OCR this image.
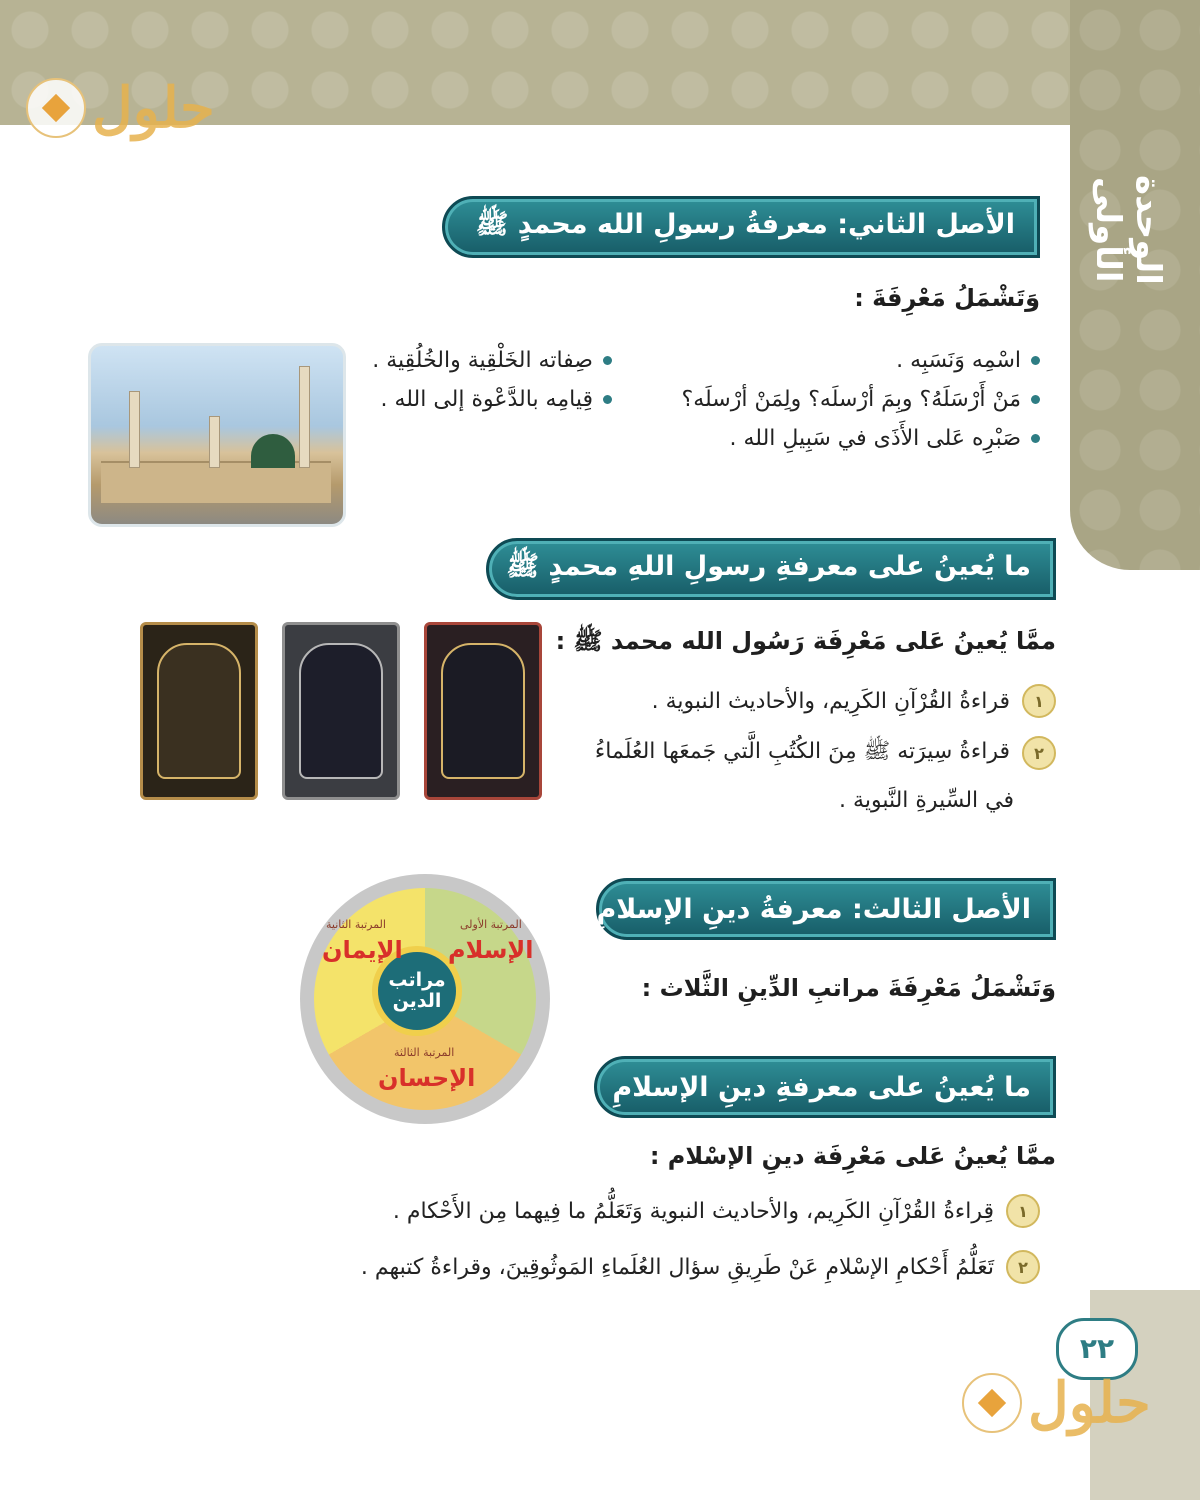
الوحدة الأولى
٢٢
حلول
حلول
الأصل الثاني: معرفةُ رسولِ الله محمدٍ ﷺ
وَتَشْمَلُ مَعْرِفَةَ :
اسْمِه وَنَسَبِه .
مَنْ أَرْسَلَهُ؟ وبِمَ أرْسلَه؟ ولِمَنْ أرْسلَه؟
صَبْرِه عَلى الأَذَى في سَبِيلِ الله .
صِفاته الخَلْقِية والخُلُقِية .
قِيامِه بالدَّعْوة إلى الله .
ما يُعينُ على معرفةِ رسولِ اللهِ محمدٍ ﷺ
ممَّا يُعينُ عَلى مَعْرِفَة رَسُول الله محمد ﷺ :
١
قراءةُ القُرْآنِ الكَرِيم، والأحاديث النبوية .
٢
قراءةُ سِيرَته ﷺ مِنَ الكُتُبِ الَّتي جَمعَها العُلَماءُ
في السِّيرةِ النَّبوية .
الأصل الثالث: معرفةُ دينِ الإسلامِ
وَتَشْمَلُ مَعْرِفَةَ مراتبِ الدِّينِ الثَّلاث :
مراتب
الدين
المرتبة الأولى
الإسلام
المرتبة الثانية
الإيمان
المرتبة الثالثة
الإحسان	ما يُعينُ على معرفةِ دينِ الإسلامِ
ممَّا يُعينُ عَلى مَعْرِفَة دينِ الإسْلام :
١
قِراءةُ القُرْآنِ الكَرِيم، والأحاديث النبوية وَتَعَلُّمُ ما فِيهما مِن الأَحْكام .
٢
تَعَلُّمُ أَحْكامِ الإسْلامِ عَنْ طَرِيقِ سؤال العُلَماءِ المَوثُوقِينَ، وقراءةُ كتبهم .
